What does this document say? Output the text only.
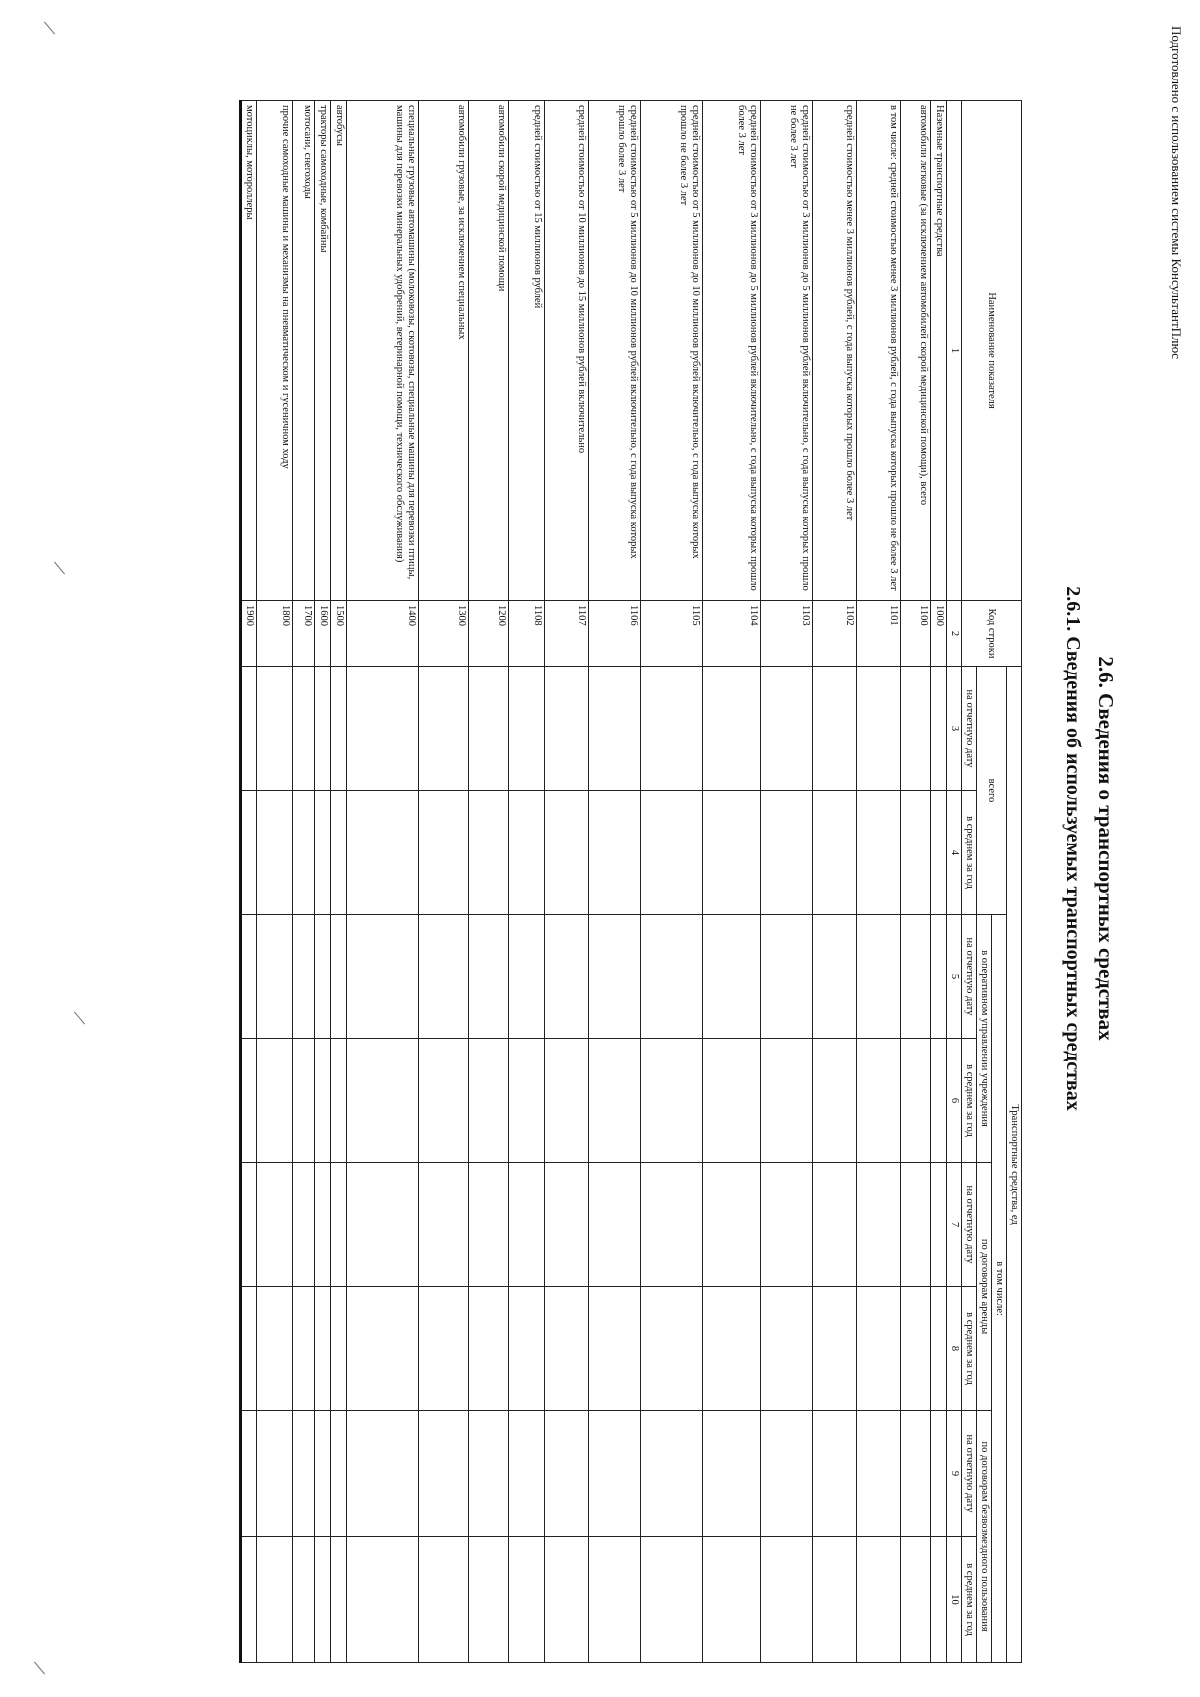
Подготовлено с использованием системы КонсультантПлюс
2.6. Сведения о транспортных средствах
2.6.1. Сведения об используемых транспортных средствах
Наименование показателя	Код строки	Транспортные средства, ед							
		всего		в том числе:					
				в оперативном управлении учреждения		по договорам аренды		по договорам безвозмездного пользования	
		на отчетную дату	в среднем за год	на отчетную дату	в среднем за год	на отчетную дату	в среднем за год	на отчетную дату	в среднем за год
1	2	3	4	5	6	7	8	9	10
Наземные транспортные средства	1000								
автомобили легковые (за исключением автомобилей скорой медицинской помощи), всего	1100								
в том числе: средней стоимостью менее 3 миллионов рублей, с года выпуска которых прошло не более 3 лет	1101								
средней стоимостью менее 3 миллионов рублей, с года выпуска которых прошло более 3 лет	1102								
средней стоимостью от 3 миллионов до 5 миллионов рублей включительно, с года выпуска которых прошло не более 3 лет	1103								
средней стоимостью от 3 миллионов до 5 миллионов рублей включительно, с года выпуска которых прошло более 3 лет	1104								
средней стоимостью от 5 миллионов до 10 миллионов рублей включительно, с года выпуска которых прошло не более 3 лет	1105								
средней стоимостью от 5 миллионов до 10 миллионов рублей включительно, с года выпуска которых прошло более 3 лет	1106								
средней стоимостью от 10 миллионов до 15 миллионов рублей включительно	1107								
средней стоимостью от 15 миллионов рублей	1108								
автомобили скорой медицинской помощи	1200								
автомобили грузовые, за исключением специальных	1300								
специальные грузовые автомашины (молоковозы, скотовозы, специальные машины для перевозки птицы, машины для перевозки минеральных удобрений, ветеринарной помощи, технического обслуживания)	1400								
автобусы	1500								
тракторы самоходные, комбайны	1600								
мотосани, снегоходы	1700								
прочие самоходные машины и механизмы на пневматическом и гусеничном ходу	1800								
мотоциклы, мотороллеры	1900								
